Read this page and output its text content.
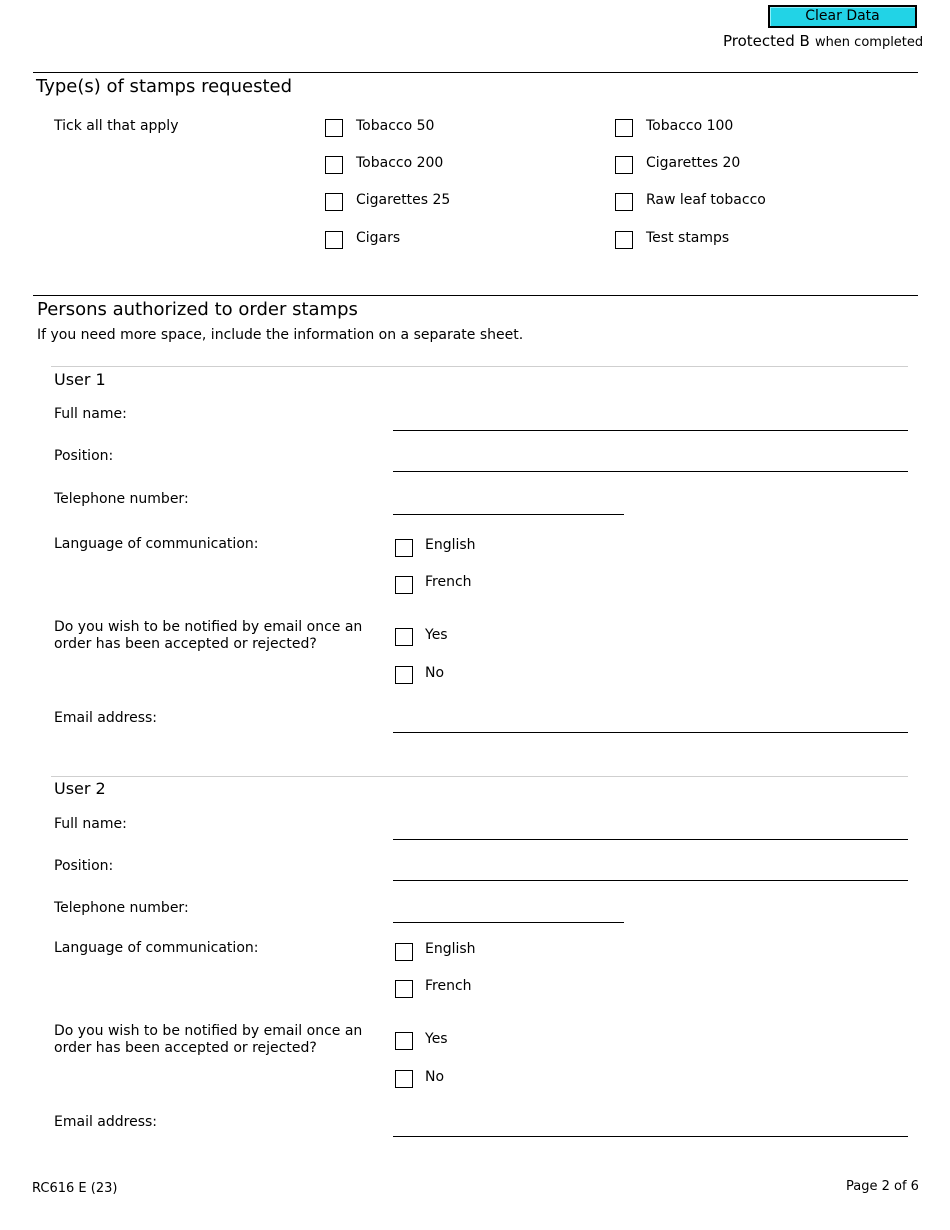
Clear Data
Protected B when completed
Type(s) of stamps requested
Tick all that apply	Tobacco 50	Tobacco 100
Tobacco 200	Cigarettes 20
Cigarettes 25	Raw leaf tobacco
Cigars	Test stamps
Persons authorized to order stamps
If you need more space, include the information on a separate sheet.
User 1
Full name:
Position:
Telephone number:
Language of communication:	English
French
Do you wish to be notified by email once an
order has been accepted or rejected?
Yes
No
Email address:
User 2
Full name:
Position:
Telephone number:
Language of communication:	English
French
Do you wish to be notified by email once an
order has been accepted or rejected?
Yes
No
Email address:
RC616 E (23)	Page 2 of 6
